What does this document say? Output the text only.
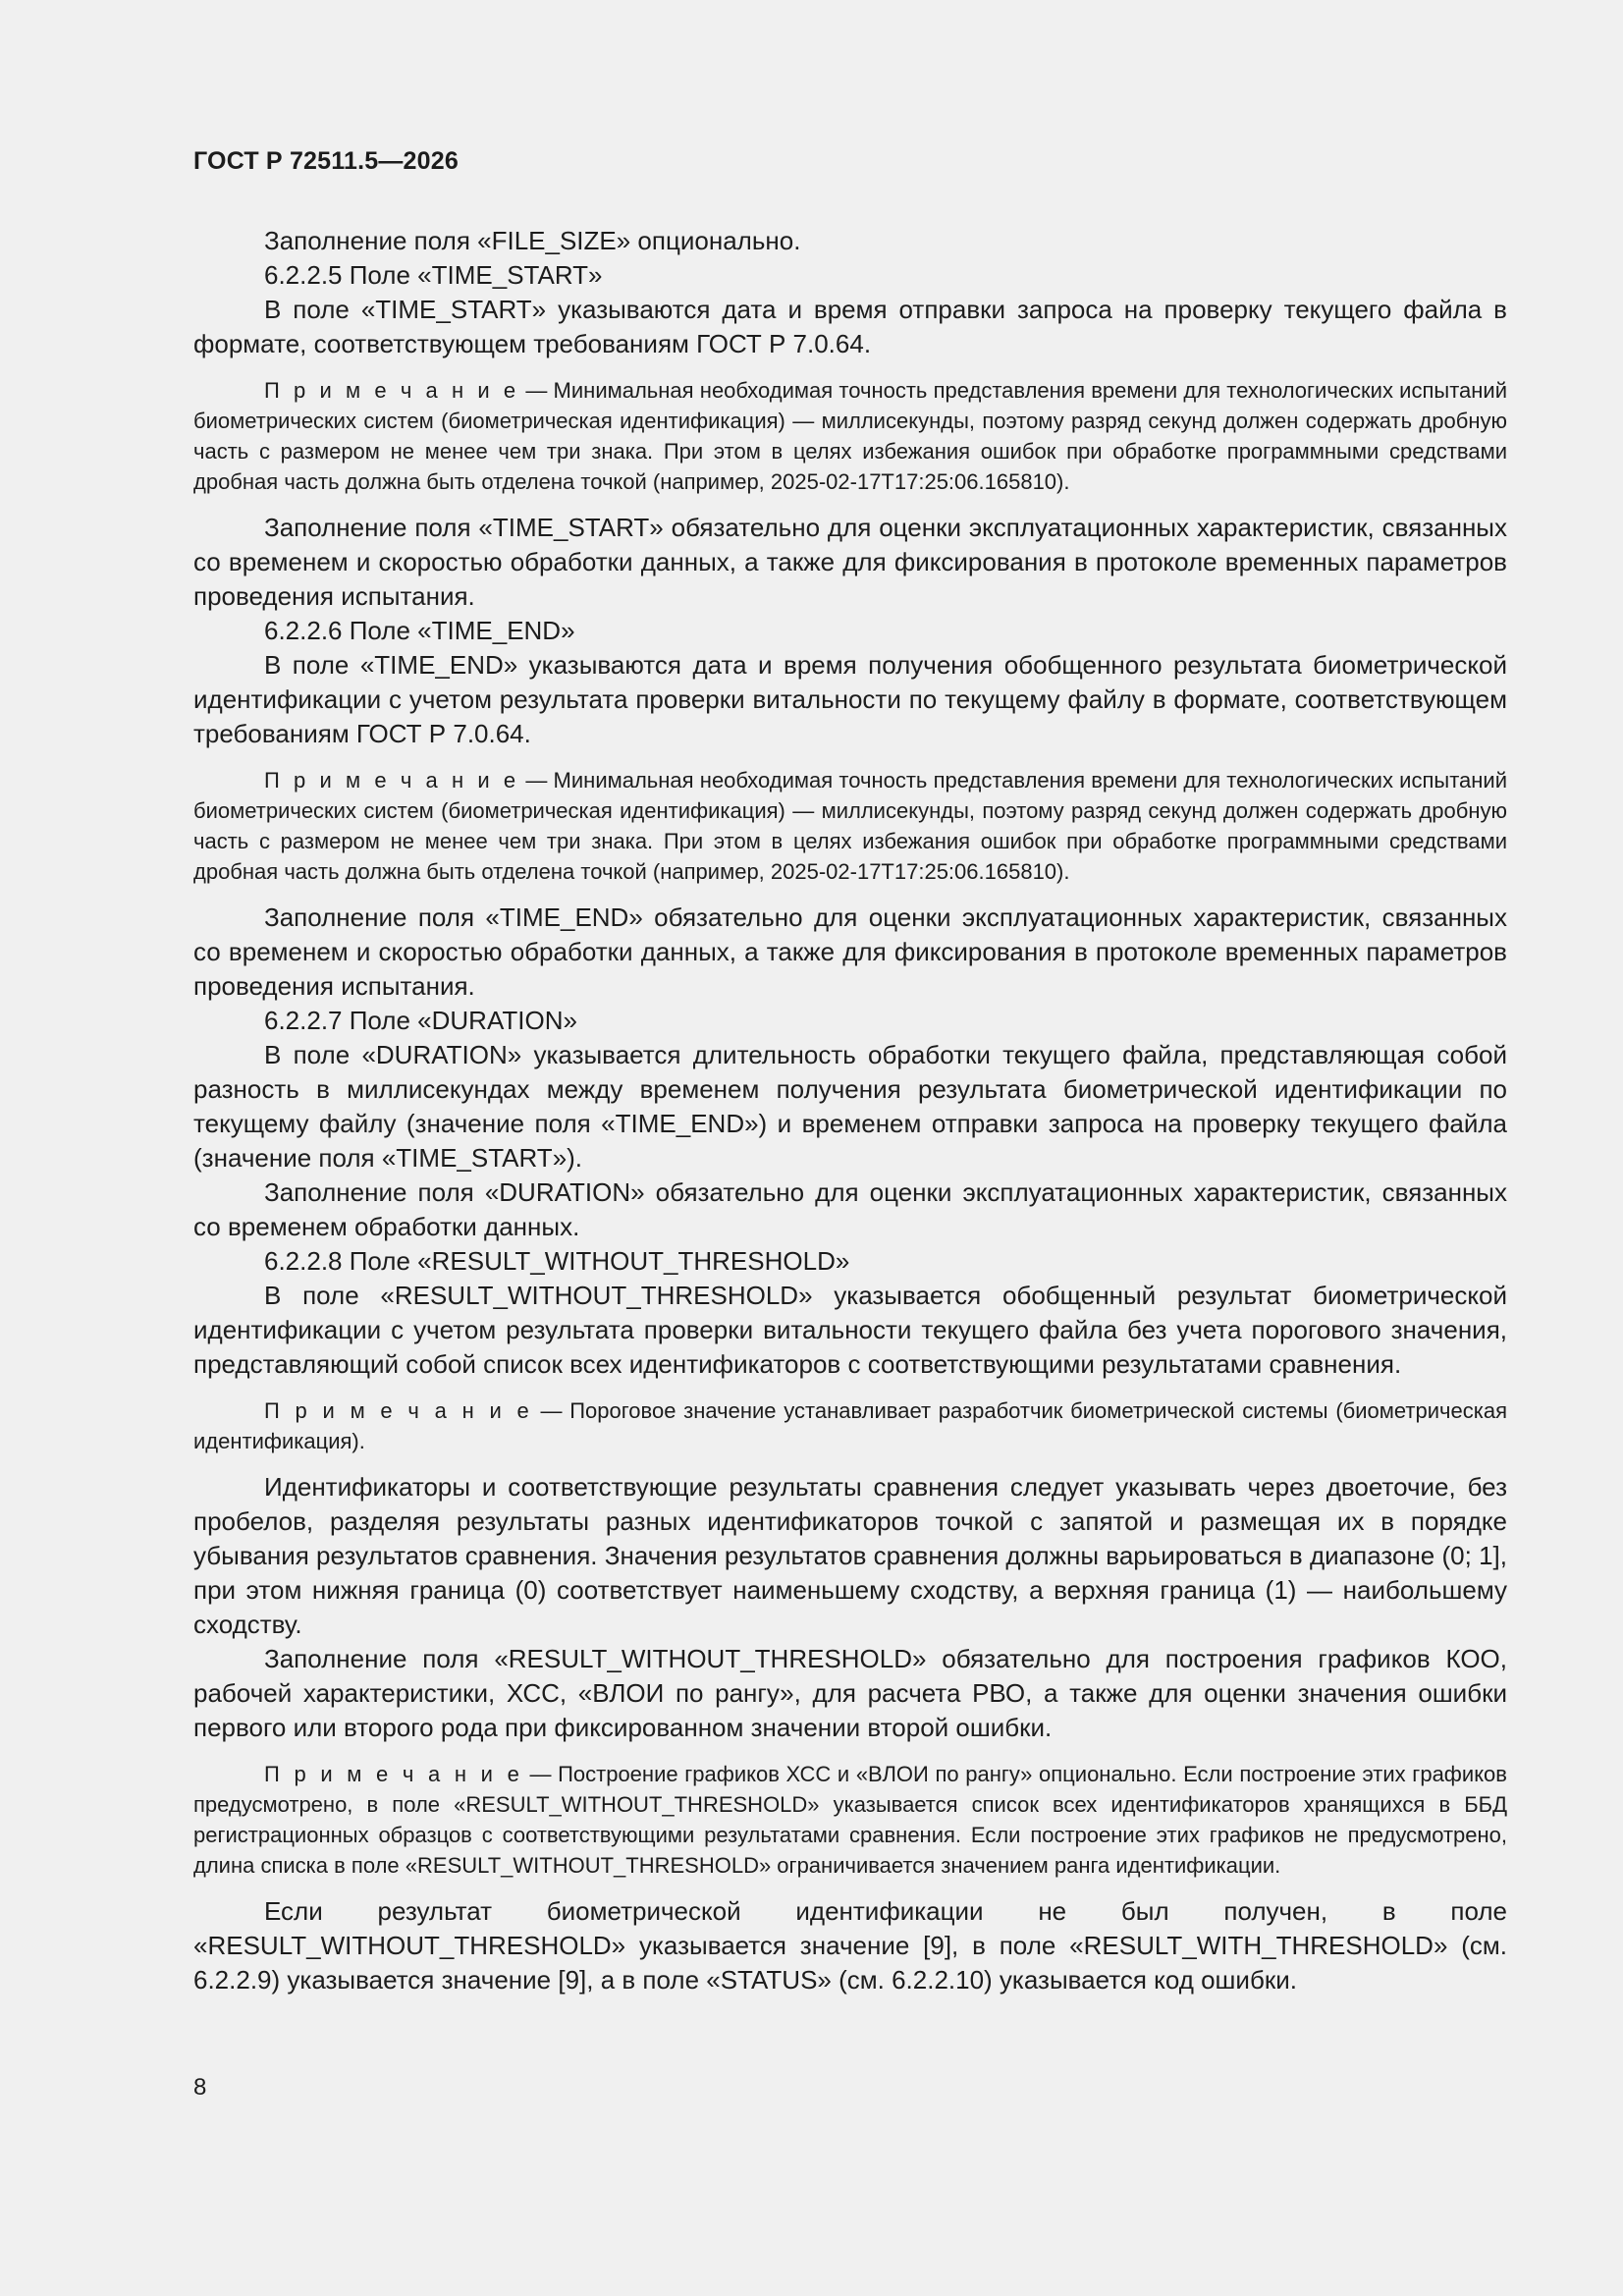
ГОСТ Р 72511.5—2026

Заполнение поля «FILE_SIZE» опционально.

6.2.2.5 Поле «TIME_START»

В поле «TIME_START» указываются дата и время отправки запроса на проверку текущего файла в формате, соответствующем требованиям ГОСТ Р 7.0.64.

П р и м е ч а н и е — Минимальная необходимая точность представления времени для технологических испытаний биометрических систем (биометрическая идентификация) — миллисекунды, поэтому разряд секунд должен содержать дробную часть с размером не менее чем три знака. При этом в целях избежания ошибок при обработке программными средствами дробная часть должна быть отделена точкой (например, 2025-02-17T17:25:06.165810).

Заполнение поля «TIME_START» обязательно для оценки эксплуатационных характеристик, связанных со временем и скоростью обработки данных, а также для фиксирования в протоколе временных параметров проведения испытания.

6.2.2.6 Поле «TIME_END»

В поле «TIME_END» указываются дата и время получения обобщенного результата биометрической идентификации с учетом результата проверки витальности по текущему файлу в формате, соответствующем требованиям ГОСТ Р 7.0.64.

П р и м е ч а н и е — Минимальная необходимая точность представления времени для технологических испытаний биометрических систем (биометрическая идентификация) — миллисекунды, поэтому разряд секунд должен содержать дробную часть с размером не менее чем три знака. При этом в целях избежания ошибок при обработке программными средствами дробная часть должна быть отделена точкой (например, 2025-02-17T17:25:06.165810).

Заполнение поля «TIME_END» обязательно для оценки эксплуатационных характеристик, связанных со временем и скоростью обработки данных, а также для фиксирования в протоколе временных параметров проведения испытания.

6.2.2.7 Поле «DURATION»

В поле «DURATION» указывается длительность обработки текущего файла, представляющая собой разность в миллисекундах между временем получения результата биометрической идентификации по текущему файлу (значение поля «TIME_END») и временем отправки запроса на проверку текущего файла (значение поля «TIME_START»).

Заполнение поля «DURATION» обязательно для оценки эксплуатационных характеристик, связанных со временем обработки данных.

6.2.2.8 Поле «RESULT_WITHOUT_THRESHOLD»

В поле «RESULT_WITHOUT_THRESHOLD» указывается обобщенный результат биометрической идентификации с учетом результата проверки витальности текущего файла без учета порогового значения, представляющий собой список всех идентификаторов с соответствующими результатами сравнения.

П р и м е ч а н и е — Пороговое значение устанавливает разработчик биометрической системы (биометрическая идентификация).

Идентификаторы и соответствующие результаты сравнения следует указывать через двоеточие, без пробелов, разделяя результаты разных идентификаторов точкой с запятой и размещая их в порядке убывания результатов сравнения. Значения результатов сравнения должны варьироваться в диапазоне (0; 1], при этом нижняя граница (0) соответствует наименьшему сходству, а верхняя граница (1) — наибольшему сходству.

Заполнение поля «RESULT_WITHOUT_THRESHOLD» обязательно для построения графиков КОО, рабочей характеристики, ХСС, «ВЛОИ по рангу», для расчета РВО, а также для оценки значения ошибки первого или второго рода при фиксированном значении второй ошибки.

П р и м е ч а н и е — Построение графиков ХСС и «ВЛОИ по рангу» опционально. Если построение этих графиков предусмотрено, в поле «RESULT_WITHOUT_THRESHOLD» указывается список всех идентификаторов хранящихся в ББД регистрационных образцов с соответствующими результатами сравнения. Если построение этих графиков не предусмотрено, длина списка в поле «RESULT_WITHOUT_THRESHOLD» ограничивается значением ранга идентификации.

Если результат биометрической идентификации не был получен, в поле «RESULT_WITHOUT_THRESHOLD» указывается значение [9], в поле «RESULT_WITH_THRESHOLD» (см. 6.2.2.9) указывается значение [9], а в поле «STATUS» (см. 6.2.2.10) указывается код ошибки.

8
